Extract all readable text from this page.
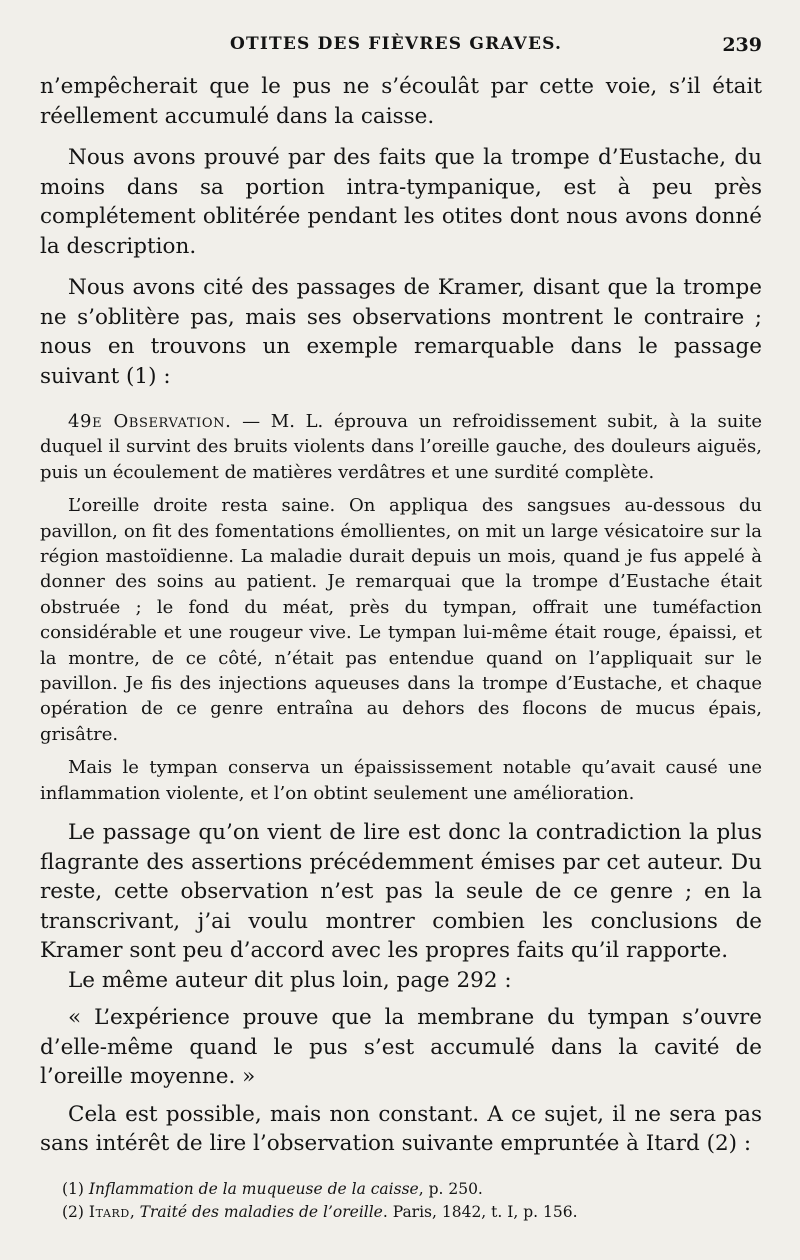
OTITES DES FIÈVRES GRAVES.	239

n’empêcherait que le pus ne s’écoulât par cette voie, s’il était réellement accumulé dans la caisse.

Nous avons prouvé par des faits que la trompe d’Eustache, du moins dans sa portion intra-tympanique, est à peu près complétement oblitérée pendant les otites dont nous avons donné la description.

Nous avons cité des passages de Kramer, disant que la trompe ne s’oblitère pas, mais ses observations montrent le contraire ; nous en trouvons un exemple remarquable dans le passage suivant (1) :

49e Observation. — M. L. éprouva un refroidissement subit, à la suite duquel il survint des bruits violents dans l’oreille gauche, des douleurs aiguës, puis un écoulement de matières verdâtres et une surdité complète.

L’oreille droite resta saine. On appliqua des sangsues au-dessous du pavillon, on fit des fomentations émollientes, on mit un large vésicatoire sur la région mastoïdienne. La maladie durait depuis un mois, quand je fus appelé à donner des soins au patient. Je remarquai que la trompe d’Eustache était obstruée ; le fond du méat, près du tympan, offrait une tuméfaction considérable et une rougeur vive. Le tympan lui-même était rouge, épaissi, et la montre, de ce côté, n’était pas entendue quand on l’appliquait sur le pavillon. Je fis des injections aqueuses dans la trompe d’Eustache, et chaque opération de ce genre entraîna au dehors des flocons de mucus épais, grisâtre.

Mais le tympan conserva un épaississement notable qu’avait causé une inflammation violente, et l’on obtint seulement une amélioration.

Le passage qu’on vient de lire est donc la contradiction la plus flagrante des assertions précédemment émises par cet auteur. Du reste, cette observation n’est pas la seule de ce genre ; en la transcrivant, j’ai voulu montrer combien les conclusions de Kramer sont peu d’accord avec les propres faits qu’il rapporte.

Le même auteur dit plus loin, page 292 :

« L’expérience prouve que la membrane du tympan s’ouvre d’elle-même quand le pus s’est accumulé dans la cavité de l’oreille moyenne. »

Cela est possible, mais non constant. A ce sujet, il ne sera pas sans intérêt de lire l’observation suivante empruntée à Itard (2) :

(1) Inflammation de la muqueuse de la caisse, p. 250.

(2) Itard, Traité des maladies de l’oreille. Paris, 1842, t. I, p. 156.
